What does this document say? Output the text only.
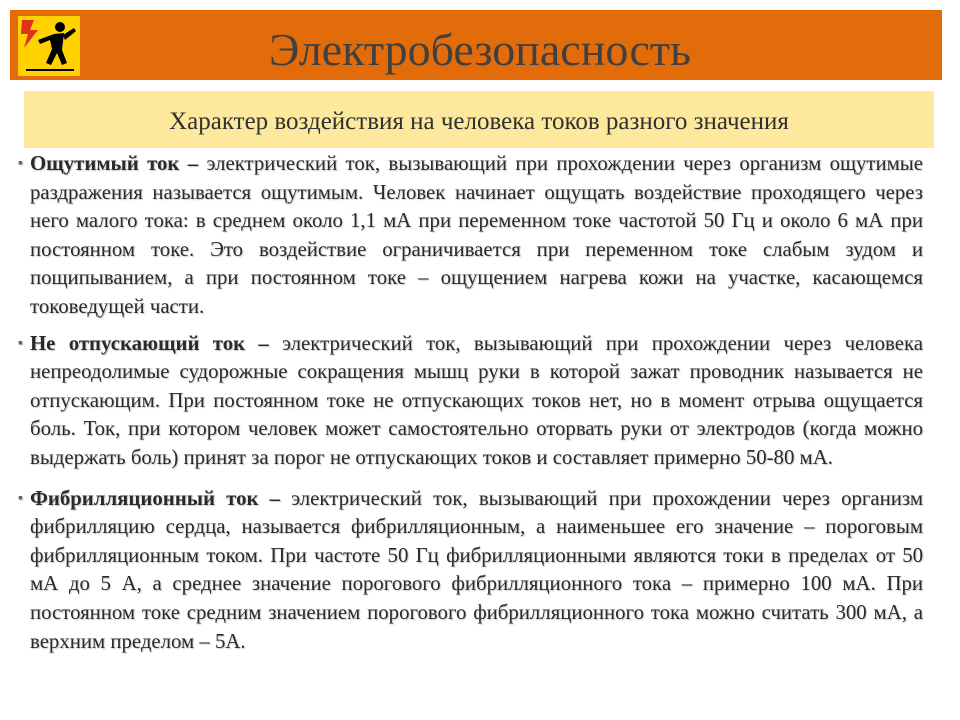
Электробезопасность
Характер воздействия на человека токов разного значения

▪ Ощутимый ток – электрический ток, вызывающий при прохождении через организм ощутимые раздражения называется ощутимым. Человек начинает ощущать воздействие проходящего через него малого тока: в среднем около 1,1 мА при переменном токе частотой 50 Гц и около 6 мА при постоянном токе. Это воздействие ограничивается при переменном токе слабым зудом и пощипыванием, а при постоянном токе – ощущением нагрева кожи на участке, касающемся токоведущей части.

▪ Не отпускающий ток – электрический ток, вызывающий при прохождении через человека непреодолимые судорожные сокращения мышц руки в которой зажат проводник называется не отпускающим. При постоянном токе не отпускающих токов нет, но в момент отрыва ощущается боль. Ток, при котором человек может самостоятельно оторвать руки от электродов (когда можно выдержать боль) принят за порог не отпускающих токов и составляет примерно 50-80 мА.

▪ Фибрилляционный ток – электрический ток, вызывающий при прохождении через организм фибрилляцию сердца, называется фибрилляционным, а наименьшее его значение – пороговым фибрилляционным током. При частоте 50 Гц фибрилляционными являются токи в пределах от 50 мА до 5 А, а среднее значение порогового фибрилляционного тока – примерно 100 мА. При постоянном токе средним значением порогового фибрилляционного тока можно считать 300 мА, а верхним пределом – 5А.
